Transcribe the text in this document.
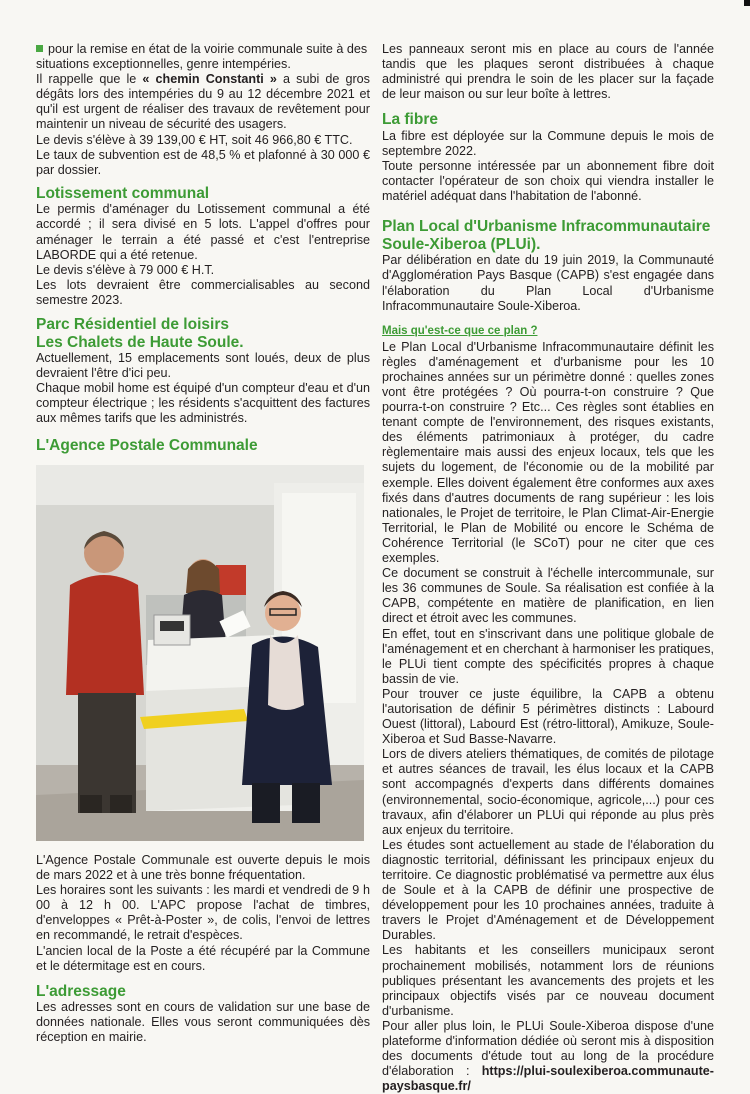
pour la remise en état de la voirie communale suite à des situations exceptionnelles, genre intempéries.

Il rappelle que le « chemin Constanti » a subi de gros dégâts lors des intempéries du 9 au 12 décembre 2021 et qu'il est urgent de réaliser des travaux de revêtement pour maintenir un niveau de sécurité des usagers.

Le devis s'élève à 39 139,00 € HT, soit 46 966,80 € TTC.

Le taux de subvention est de 48,5 % et plafonné à 30 000 € par dossier.

Lotissement communal

Le permis d'aménager du Lotissement communal a été accordé ; il sera divisé en 5 lots. L'appel d'offres pour aménager le terrain a été passé et c'est l'entreprise LABORDE qui a été retenue.

Le devis s'élève à 79 000 € H.T.

Les lots devraient être commercialisables au second semestre 2023.

Parc Résidentiel de loisirs
Les Chalets de Haute Soule.

Actuellement, 15 emplacements sont loués, deux de plus devraient l'être d'ici peu.

Chaque mobil home est équipé d'un compteur d'eau et d'un compteur électrique ; les résidents s'acquittent des factures aux mêmes tarifs que les administrés.

L'Agence Postale Communale

L'Agence Postale Communale est ouverte depuis le mois de mars 2022 et à une très bonne fréquentation.

Les horaires sont les suivants : les mardi et vendredi de 9 h 00 à 12 h 00. L'APC propose l'achat de timbres, d'enveloppes « Prêt-à-Poster », de colis, l'envoi de lettres en recommandé, le retrait d'espèces.

L'ancien local de la Poste a été récupéré par la Commune et le détermitage est en cours.

L'adressage

Les adresses sont en cours de validation sur une base de données nationale. Elles vous seront communiquées dès réception en mairie.

Les panneaux seront mis en place au cours de l'année tandis que les plaques seront distribuées à chaque administré qui prendra le soin de les placer sur la façade de leur maison ou sur leur boîte à lettres.

La fibre

La fibre est déployée sur la Commune depuis le mois de septembre 2022.

Toute personne intéressée par un abonnement fibre doit contacter l'opérateur de son choix qui viendra installer le matériel adéquat dans l'habitation de l'abonné.

Plan Local d'Urbanisme Infracommunautaire
Soule-Xiberoa (PLUi).

Par délibération en date du 19 juin 2019, la Communauté d'Agglomération Pays Basque (CAPB) s'est engagée dans l'élaboration du Plan Local d'Urbanisme Infracommunautaire Soule-Xiberoa.

Mais qu'est-ce que ce plan ?

Le Plan Local d'Urbanisme Infracommunautaire définit les règles d'aménagement et d'urbanisme pour les 10 prochaines années sur un périmètre donné : quelles zones vont être protégées ? Où pourra-t-on construire ? Que pourra-t-on construire ? Etc... Ces règles sont établies en tenant compte de l'environnement, des risques existants, des éléments patrimoniaux à protéger, du cadre règlementaire mais aussi des enjeux locaux, tels que les sujets du logement, de l'économie ou de la mobilité par exemple. Elles doivent également être conformes aux axes fixés dans d'autres documents de rang supérieur : les lois nationales, le Projet de territoire, le Plan Climat-Air-Energie Territorial, le Plan de Mobilité ou encore le Schéma de Cohérence Territorial (le SCoT) pour ne citer que ces exemples.

Ce document se construit à l'échelle intercommunale, sur les 36 communes de Soule. Sa réalisation est confiée à la CAPB, compétente en matière de planification, en lien direct et étroit avec les communes.

En effet, tout en s'inscrivant dans une politique globale de l'aménagement et en cherchant à harmoniser les pratiques, le PLUi tient compte des spécificités propres à chaque bassin de vie.

Pour trouver ce juste équilibre, la CAPB a obtenu l'autorisation de définir 5 périmètres distincts : Labourd Ouest (littoral), Labourd Est (rétro-littoral), Amikuze, Soule-Xiberoa et Sud Basse-Navarre.

Lors de divers ateliers thématiques, de comités de pilotage et autres séances de travail, les élus locaux et la CAPB sont accompagnés d'experts dans différents domaines (environnemental, socio-économique, agricole,...) pour ces travaux, afin d'élaborer un PLUi qui réponde au plus près aux enjeux du territoire.

Les études sont actuellement au stade de l'élaboration du diagnostic territorial, définissant les principaux enjeux du territoire. Ce diagnostic problématisé va permettre aux élus de Soule et à la CAPB de définir une prospective de développement pour les 10 prochaines années, traduite à travers le Projet d'Aménagement et de Développement Durables.

Les habitants et les conseillers municipaux seront prochainement mobilisés, notamment lors de réunions publiques présentant les avancements des projets et les principaux objectifs visés par ce nouveau document d'urbanisme.

Pour aller plus loin, le PLUi Soule-Xiberoa dispose d'une plateforme d'information dédiée où seront mis à disposition des documents d'étude tout au long de la procédure d'élaboration : https://plui-soulexiberoa.communaute-paysbasque.fr/
